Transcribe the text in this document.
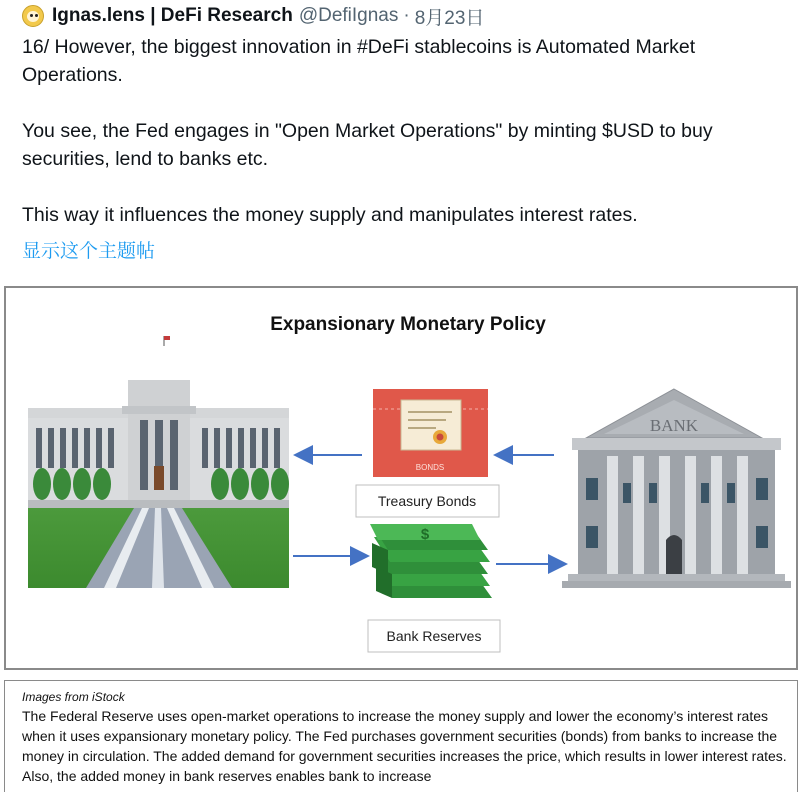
Ignas.lens | DeFi Research @DefiIgnas · 8月23日
16/ However, the biggest innovation in #DeFi stablecoins is Automated Market
Operations.
You see, the Fed engages in "Open Market Operations" by minting $USD to buy
securities, lend to banks etc.
This way it influences the money supply and manipulates interest rates.
显示这个主题帖
Expansionary Monetary Policy
BONDS
Treasury Bonds
$
Bank Reserves
BANK
Images from iStock
The Federal Reserve uses open-market operations to increase the money supply and lower the economy’s interest rates when it uses expansionary monetary policy. The Fed purchases government securities (bonds) from banks to increase the money in circulation. The added demand for government securities increases the price, which results in lower interest rates. Also, the added money in bank reserves enables bank to increase
